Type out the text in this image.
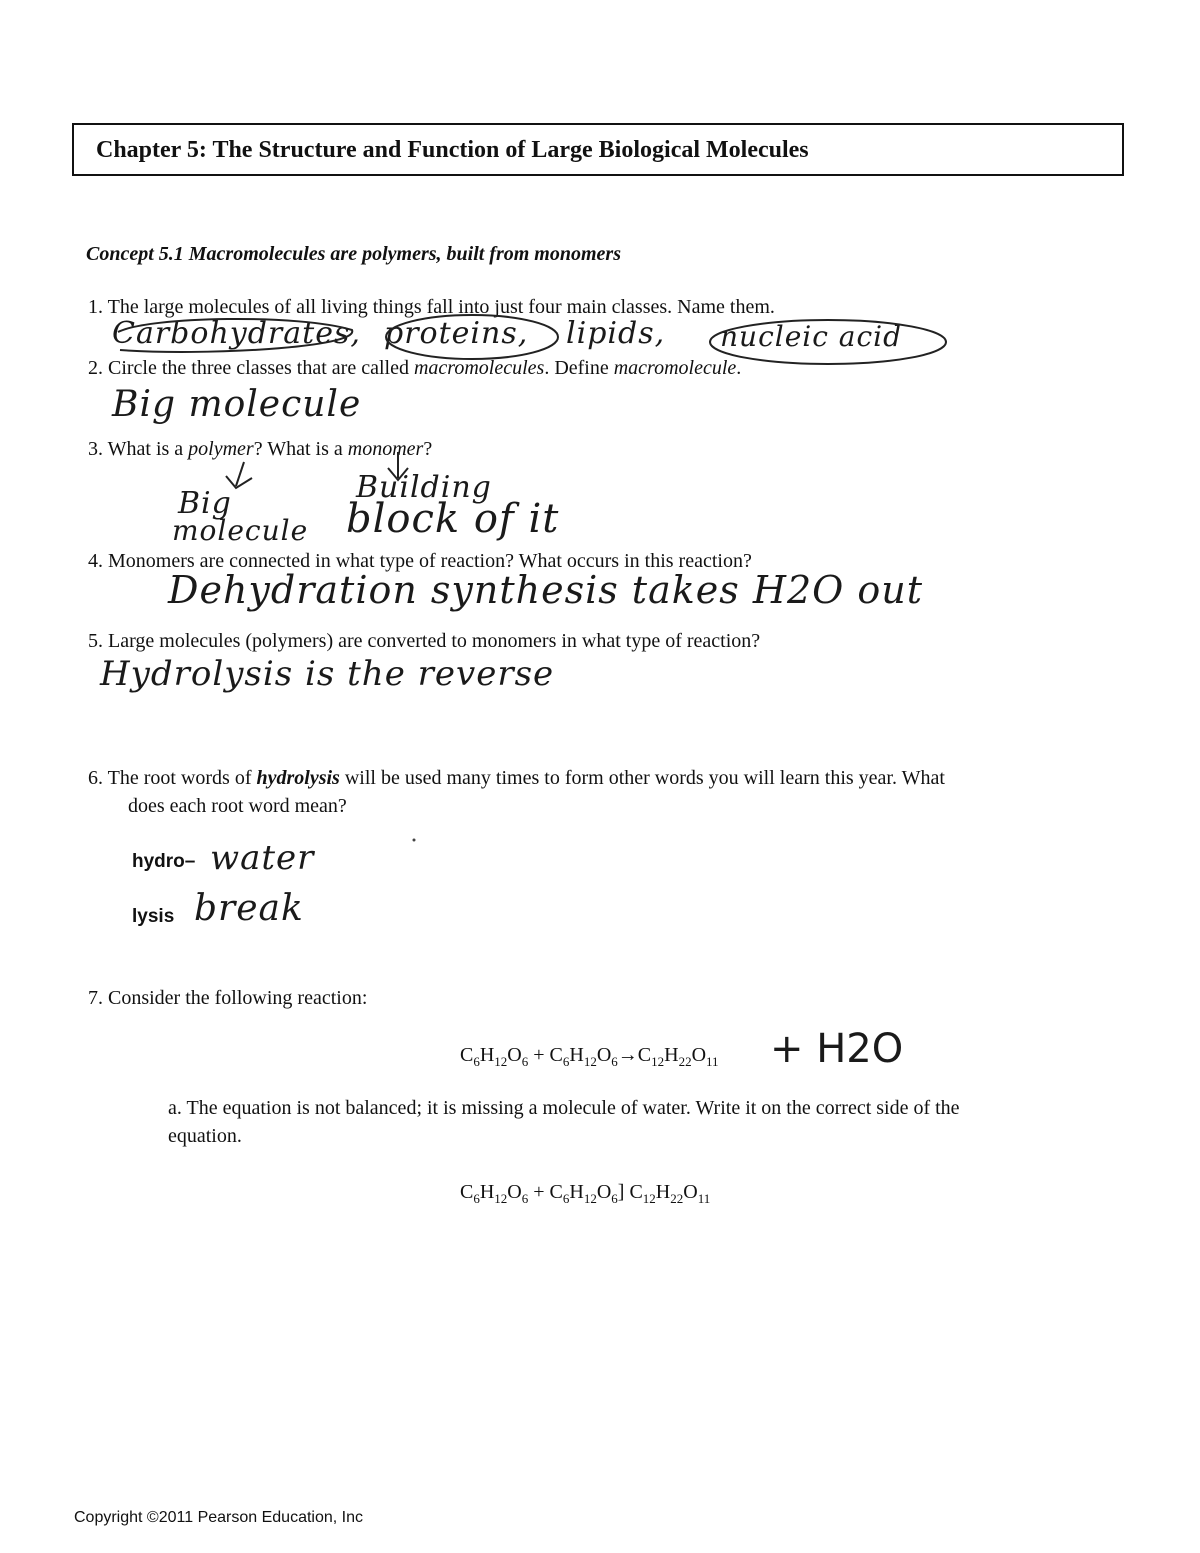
Chapter 5: The Structure and Function of Large Biological Molecules
Concept 5.1 Macromolecules are polymers, built from monomers
1. The large molecules of all living things fall into just four main classes. Name them.
Carbohydrates, proteins, lipids, nucleic acid
2. Circle the three classes that are called macromolecules. Define macromolecule.
Big molecule
3. What is a polymer? What is a monomer?
Big
molecule
Building
block of it
4. Monomers are connected in what type of reaction? What occurs in this reaction?
Dehydration synthesis takes H2O out
5. Large molecules (polymers) are converted to monomers in what type of reaction?
Hydrolysis is the reverse
6. The root words of hydrolysis will be used many times to form other words you will learn this year. What
does each root word mean?
hydro– water
lysis break
7. Consider the following reaction:
$C_6H_{12}O_6 + C_6H_{12}O_6\to C_{12}H_{22}O_{11} + H2O$
a. The equation is not balanced; it is missing a molecule of water. Write it on the correct side of the
equation.
$C_6H_{12}O_6 + C_6H_{12}O_6$] $C_{12}H_{22}O_{11}$
Copyright ©2011 Pearson Education, Inc
